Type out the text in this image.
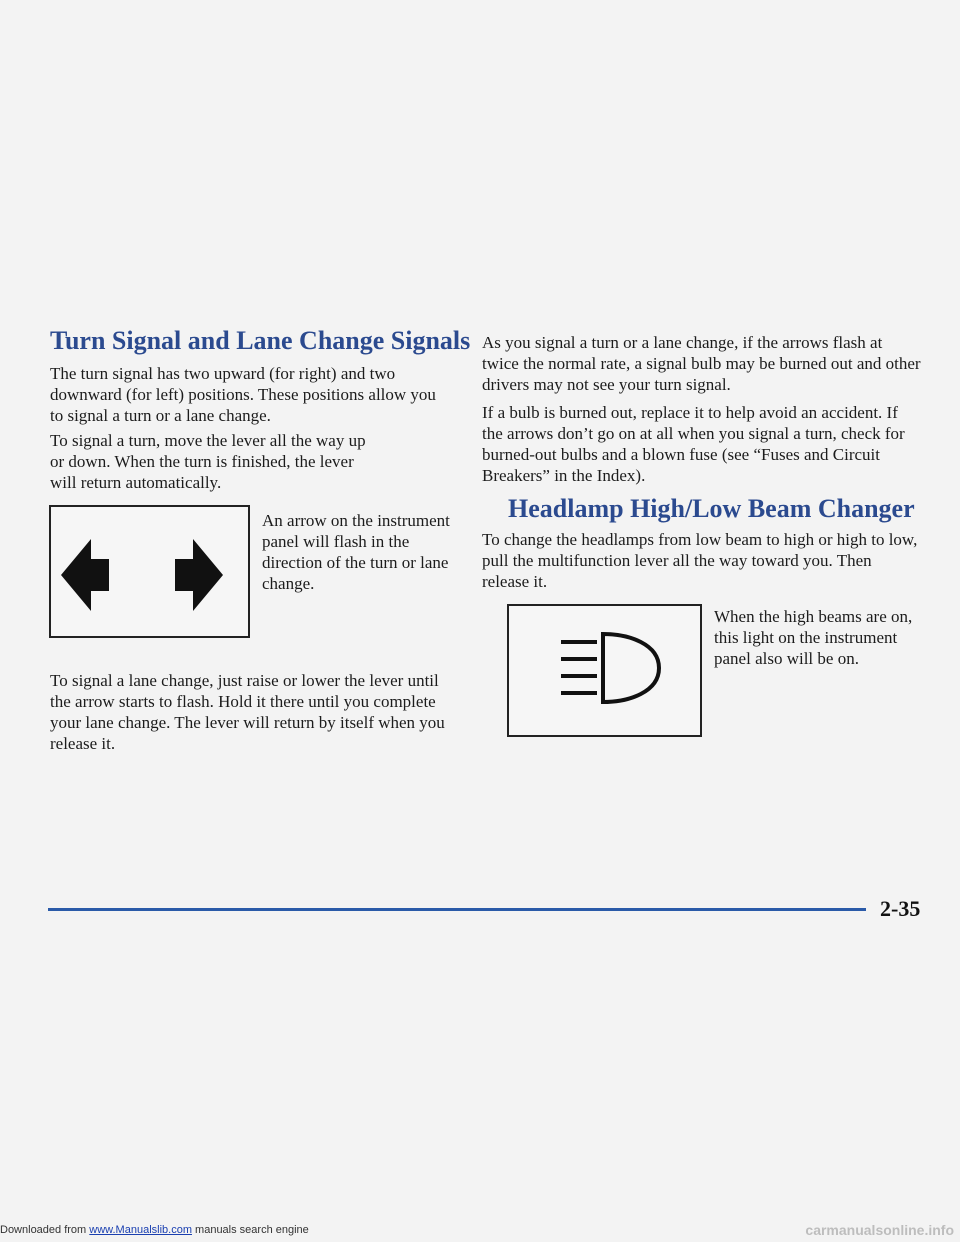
Turn Signal and Lane Change Signals

The turn signal has two upward (for right) and two downward (for left) positions. These positions allow you to signal a turn or a lane change.

To signal a turn, move the lever all the way up
or down. When the turn is finished, the lever
will return automatically.

An arrow on the instrument panel will flash in the direction of the turn or lane change.

To signal a lane change, just raise or lower the lever until the arrow starts to flash. Hold it there until you complete your lane change. The lever will return by itself when you release it.

As you signal a turn or a lane change, if the arrows flash at twice the normal rate, a signal bulb may be burned out and other drivers may not see your turn signal.

If a bulb is burned out, replace it to help avoid an accident. If the arrows don’t go on at all when you signal a turn, check for burned-out bulbs and a blown fuse (see “Fuses and Circuit Breakers” in the Index).

Headlamp High/Low Beam Changer

To change the headlamps from low beam to high or high to low, pull the multifunction lever all the way toward you. Then release it.

When the high beams are on, this light on the instrument panel also will be on.

2-35
Downloaded from www.Manualslib.com manuals search engine	carmanualsonline.info
